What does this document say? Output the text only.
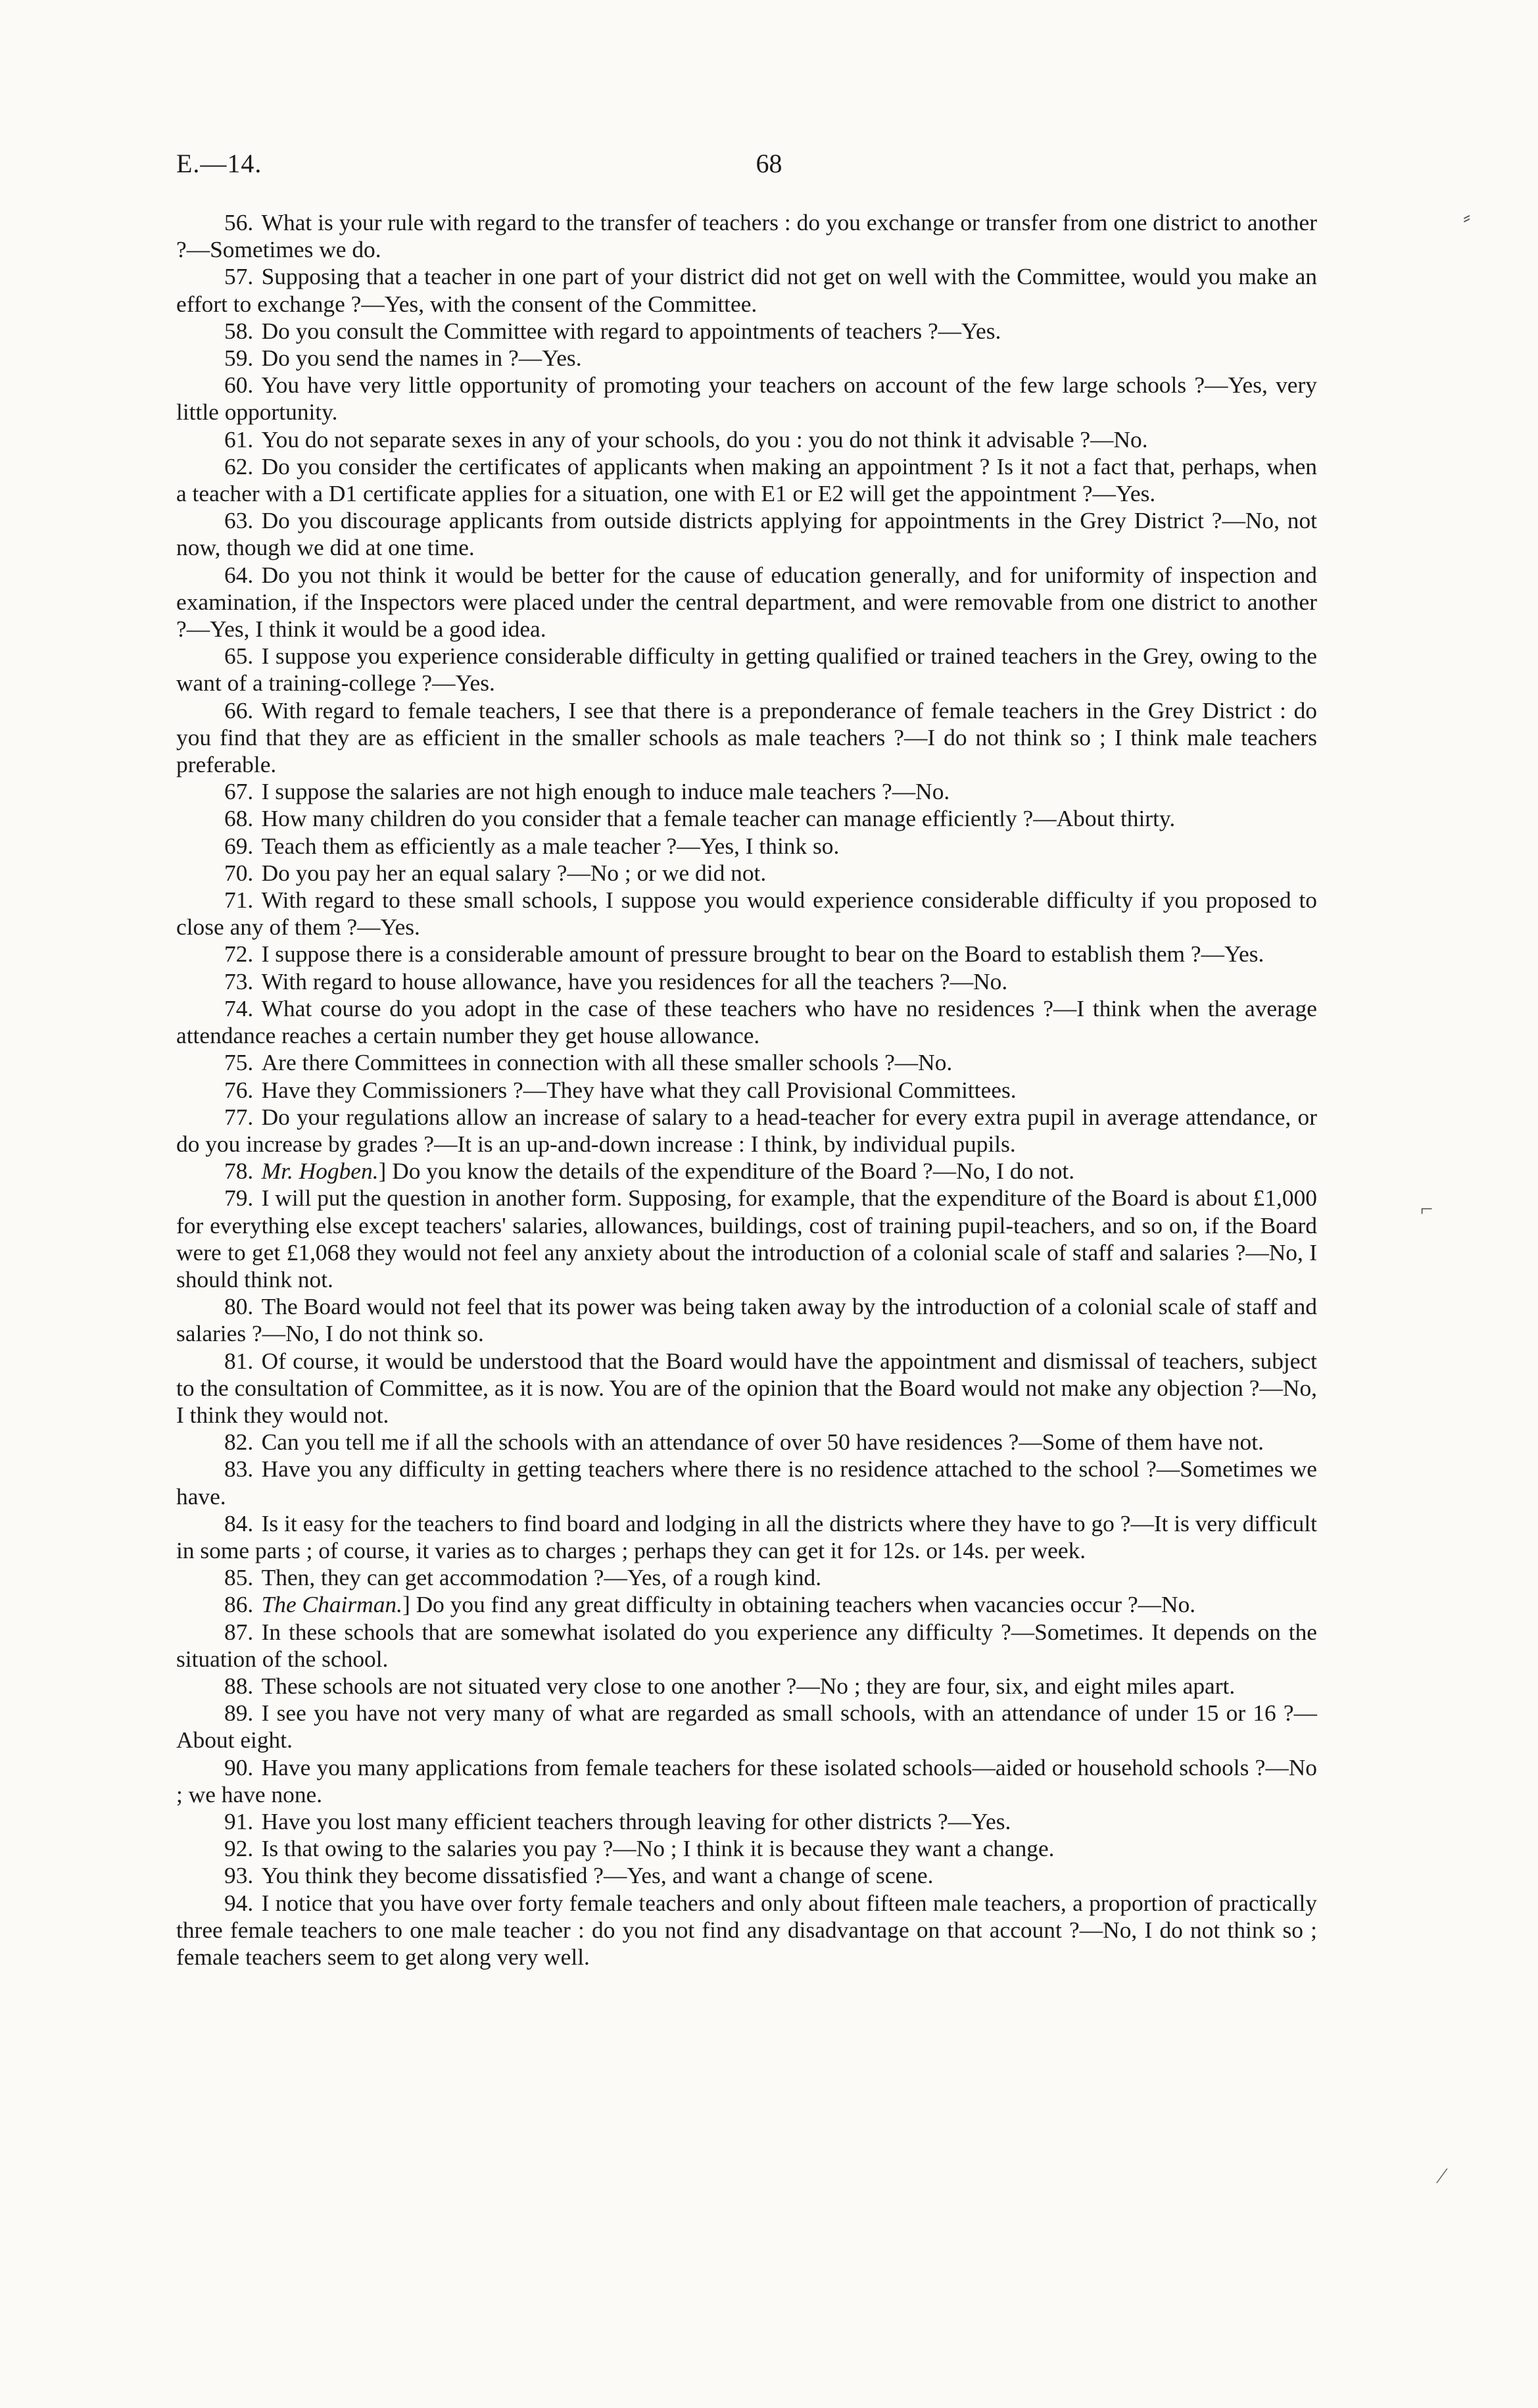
E.—14.	68

56. What is your rule with regard to the transfer of teachers : do you exchange or transfer from one district to another ?—Sometimes we do.

57. Supposing that a teacher in one part of your district did not get on well with the Committee, would you make an effort to exchange ?—Yes, with the consent of the Committee.

58. Do you consult the Committee with regard to appointments of teachers ?—Yes.

59. Do you send the names in ?—Yes.

60. You have very little opportunity of promoting your teachers on account of the few large schools ?—Yes, very little opportunity.

61. You do not separate sexes in any of your schools, do you : you do not think it advisable ?—No.

62. Do you consider the certificates of applicants when making an appointment ? Is it not a fact that, perhaps, when a teacher with a D1 certificate applies for a situation, one with E1 or E2 will get the appointment ?—Yes.

63. Do you discourage applicants from outside districts applying for appointments in the Grey District ?—No, not now, though we did at one time.

64. Do you not think it would be better for the cause of education generally, and for uniformity of inspection and examination, if the Inspectors were placed under the central department, and were removable from one district to another ?—Yes, I think it would be a good idea.

65. I suppose you experience considerable difficulty in getting qualified or trained teachers in the Grey, owing to the want of a training-college ?—Yes.

66. With regard to female teachers, I see that there is a preponderance of female teachers in the Grey District : do you find that they are as efficient in the smaller schools as male teachers ?—I do not think so ; I think male teachers preferable.

67. I suppose the salaries are not high enough to induce male teachers ?—No.

68. How many children do you consider that a female teacher can manage efficiently ?—About thirty.

69. Teach them as efficiently as a male teacher ?—Yes, I think so.

70. Do you pay her an equal salary ?—No ; or we did not.

71. With regard to these small schools, I suppose you would experience considerable difficulty if you proposed to close any of them ?—Yes.

72. I suppose there is a considerable amount of pressure brought to bear on the Board to establish them ?—Yes.

73. With regard to house allowance, have you residences for all the teachers ?—No.

74. What course do you adopt in the case of these teachers who have no residences ?—I think when the average attendance reaches a certain number they get house allowance.

75. Are there Committees in connection with all these smaller schools ?—No.

76. Have they Commissioners ?—They have what they call Provisional Committees.

77. Do your regulations allow an increase of salary to a head-teacher for every extra pupil in average attendance, or do you increase by grades ?—It is an up-and-down increase : I think, by individual pupils.

78. Mr. Hogben.] Do you know the details of the expenditure of the Board ?—No, I do not.

79. I will put the question in another form. Supposing, for example, that the expenditure of the Board is about £1,000 for everything else except teachers' salaries, allowances, buildings, cost of training pupil-teachers, and so on, if the Board were to get £1,068 they would not feel any anxiety about the introduction of a colonial scale of staff and salaries ?—No, I should think not.

80. The Board would not feel that its power was being taken away by the introduction of a colonial scale of staff and salaries ?—No, I do not think so.

81. Of course, it would be understood that the Board would have the appointment and dismissal of teachers, subject to the consultation of Committee, as it is now. You are of the opinion that the Board would not make any objection ?—No, I think they would not.

82. Can you tell me if all the schools with an attendance of over 50 have residences ?—Some of them have not.

83. Have you any difficulty in getting teachers where there is no residence attached to the school ?—Sometimes we have.

84. Is it easy for the teachers to find board and lodging in all the districts where they have to go ?—It is very difficult in some parts ; of course, it varies as to charges ; perhaps they can get it for 12s. or 14s. per week.

85. Then, they can get accommodation ?—Yes, of a rough kind.

86. The Chairman.] Do you find any great difficulty in obtaining teachers when vacancies occur ?—No.

87. In these schools that are somewhat isolated do you experience any difficulty ?—Sometimes. It depends on the situation of the school.

88. These schools are not situated very close to one another ?—No ; they are four, six, and eight miles apart.

89. I see you have not very many of what are regarded as small schools, with an attendance of under 15 or 16 ?—About eight.

90. Have you many applications from female teachers for these isolated schools—aided or household schools ?—No ; we have none.

91. Have you lost many efficient teachers through leaving for other districts ?—Yes.

92. Is that owing to the salaries you pay ?—No ; I think it is because they want a change.

93. You think they become dissatisfied ?—Yes, and want a change of scene.

94. I notice that you have over forty female teachers and only about fifteen male teachers, a proportion of practically three female teachers to one male teacher : do you not find any disadvantage on that account ?—No, I do not think so ; female teachers seem to get along very well.

⸗
⌐
⁄
